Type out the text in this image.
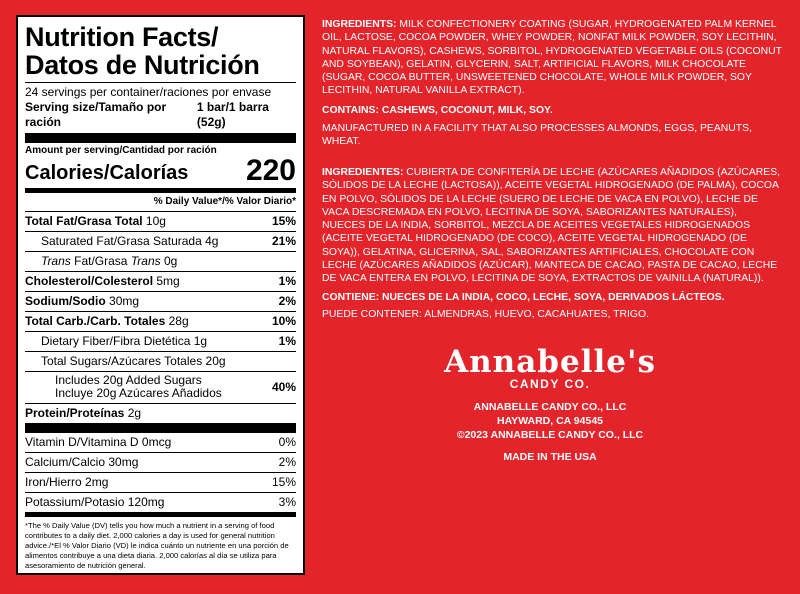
Nutrition Facts/
Datos de Nutrición
24 servings per container/raciones por envase
Serving size/Tamaño por ración
1 bar/1 barra (52g)
Amount per serving/Cantidad por ración
Calories/Calorías 220
% Daily Value*/% Valor Diario*
Total Fat/Grasa Total 10g	15%
Saturated Fat/Grasa Saturada 4g	21%
Trans Fat/Grasa Trans 0g
Cholesterol/Colesterol 5mg	1%
Sodium/Sodio 30mg	2%
Total Carb./Carb. Totales 28g	10%
Dietary Fiber/Fibra Dietética 1g	1%
Total Sugars/Azúcares Totales 20g
Includes 20g Added Sugars
Incluye 20g Azúcares Añadidos	40%
Protein/Proteínas 2g
Vitamin D/Vitamina D 0mcg	0%
Calcium/Calcio 30mg	2%
Iron/Hierro 2mg	15%
Potassium/Potasio 120mg	3%
*The % Daily Value (DV) tells you how much a nutrient in a serving of food contributes to a daily diet. 2,000 calories a day is used for general nutrition advice./*El % Valor Diario (VD) le indica cuánto un nutriente en una porción de alimentos contribuye a una dieta diaria. 2,000 calorías al día se utiliza para asesoramiento de nutrición general.
INGREDIENTS: MILK CONFECTIONERY COATING (SUGAR, HYDROGENATED PALM KERNEL OIL, LACTOSE, COCOA POWDER, WHEY POWDER, NONFAT MILK POWDER, SOY LECITHIN, NATURAL FLAVORS), CASHEWS, SORBITOL, HYDROGENATED VEGETABLE OILS (COCONUT AND SOYBEAN), GELATIN, GLYCERIN, SALT, ARTIFICIAL FLAVORS, MILK CHOCOLATE (SUGAR, COCOA BUTTER, UNSWEETENED CHOCOLATE, WHOLE MILK POWDER, SOY LECITHIN, NATURAL VANILLA EXTRACT).
CONTAINS: CASHEWS, COCONUT, MILK, SOY.
MANUFACTURED IN A FACILITY THAT ALSO PROCESSES ALMONDS, EGGS, PEANUTS, WHEAT.
INGREDIENTES: CUBIERTA DE CONFITERÍA DE LECHE (AZÚCARES AÑADIDOS (AZÚCARES, SÓLIDOS DE LA LECHE (LACTOSA)), ACEITE VEGETAL HIDROGENADO (DE PALMA), COCOA EN POLVO, SÓLIDOS DE LA LECHE (SUERO DE LECHE DE VACA EN POLVO), LECHE DE VACA DESCREMADA EN POLVO, LECITINA DE SOYA, SABORIZANTES NATURALES), NUECES DE LA INDIA, SORBITOL, MEZCLA DE ACEITES VEGETALES HIDROGENADOS (ACEITE VEGETAL HIDROGENADO (DE COCO), ACEITE VEGETAL HIDROGENADO (DE SOYA)), GELATINA, GLICERINA, SAL, SABORIZANTES ARTIFICIALES, CHOCOLATE CON LECHE (AZÚCARES AÑADIDOS (AZÚCAR), MANTECA DE CACAO, PASTA DE CACAO, LECHE DE VACA ENTERA EN POLVO, LECITINA DE SOYA, EXTRACTOS DE VAINILLA (NATURAL)).
CONTIENE: NUECES DE LA INDIA, COCO, LECHE, SOYA, DERIVADOS LÁCTEOS.
PUEDE CONTENER: ALMENDRAS, HUEVO, CACAHUATES, TRIGO.
Annabelle's
CANDY CO.
ANNABELLE CANDY CO., LLC
HAYWARD, CA 94545
©2023 ANNABELLE CANDY CO., LLC
MADE IN THE USA
